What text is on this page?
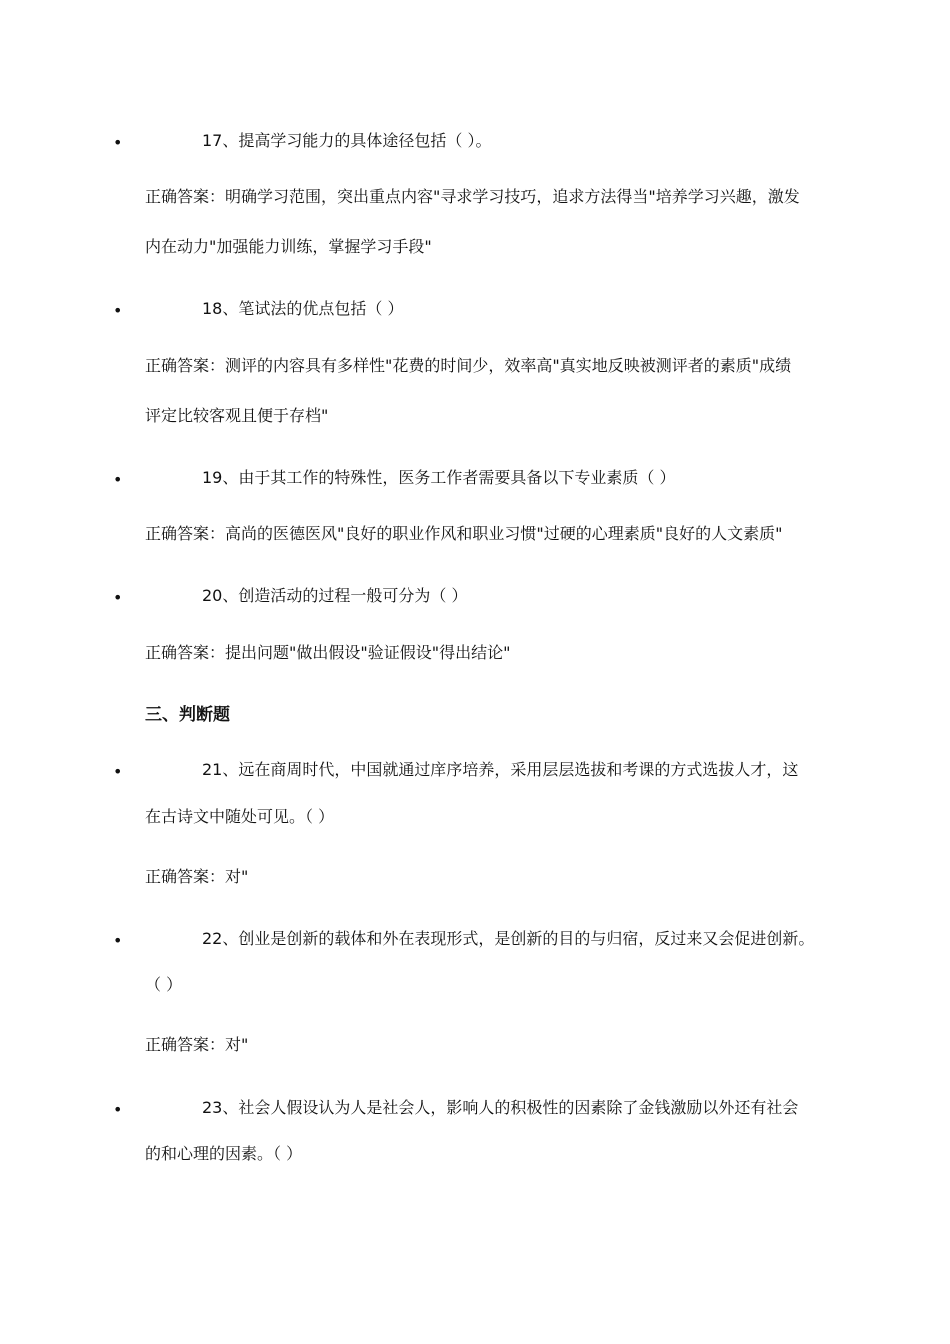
•	17、提高学习能力的具体途径包括（ ）。
正确答案：明确学习范围，突出重点内容"寻求学习技巧，追求方法得当"培养学习兴趣，激发
内在动力"加强能力训练，掌握学习手段"
•	18、笔试法的优点包括（ ）
正确答案：测评的内容具有多样性"花费的时间少，效率高"真实地反映被测评者的素质"成绩
评定比较客观且便于存档"
•	19、由于其工作的特殊性，医务工作者需要具备以下专业素质（ ）
正确答案：高尚的医德医风"良好的职业作风和职业习惯"过硬的心理素质"良好的人文素质"
•	20、创造活动的过程一般可分为（ ）
正确答案：提出问题"做出假设"验证假设"得出结论"
三、判断题
•	21、远在商周时代，中国就通过庠序培养，采用层层选拔和考课的方式选拔人才，这
在古诗文中随处可见。（ ）
正确答案：对"
•	22、创业是创新的载体和外在表现形式，是创新的目的与归宿，反过来又会促进创新。
（ ）
正确答案：对"
•	23、社会人假设认为人是社会人，影响人的积极性的因素除了金钱激励以外还有社会
的和心理的因素。（ ）
